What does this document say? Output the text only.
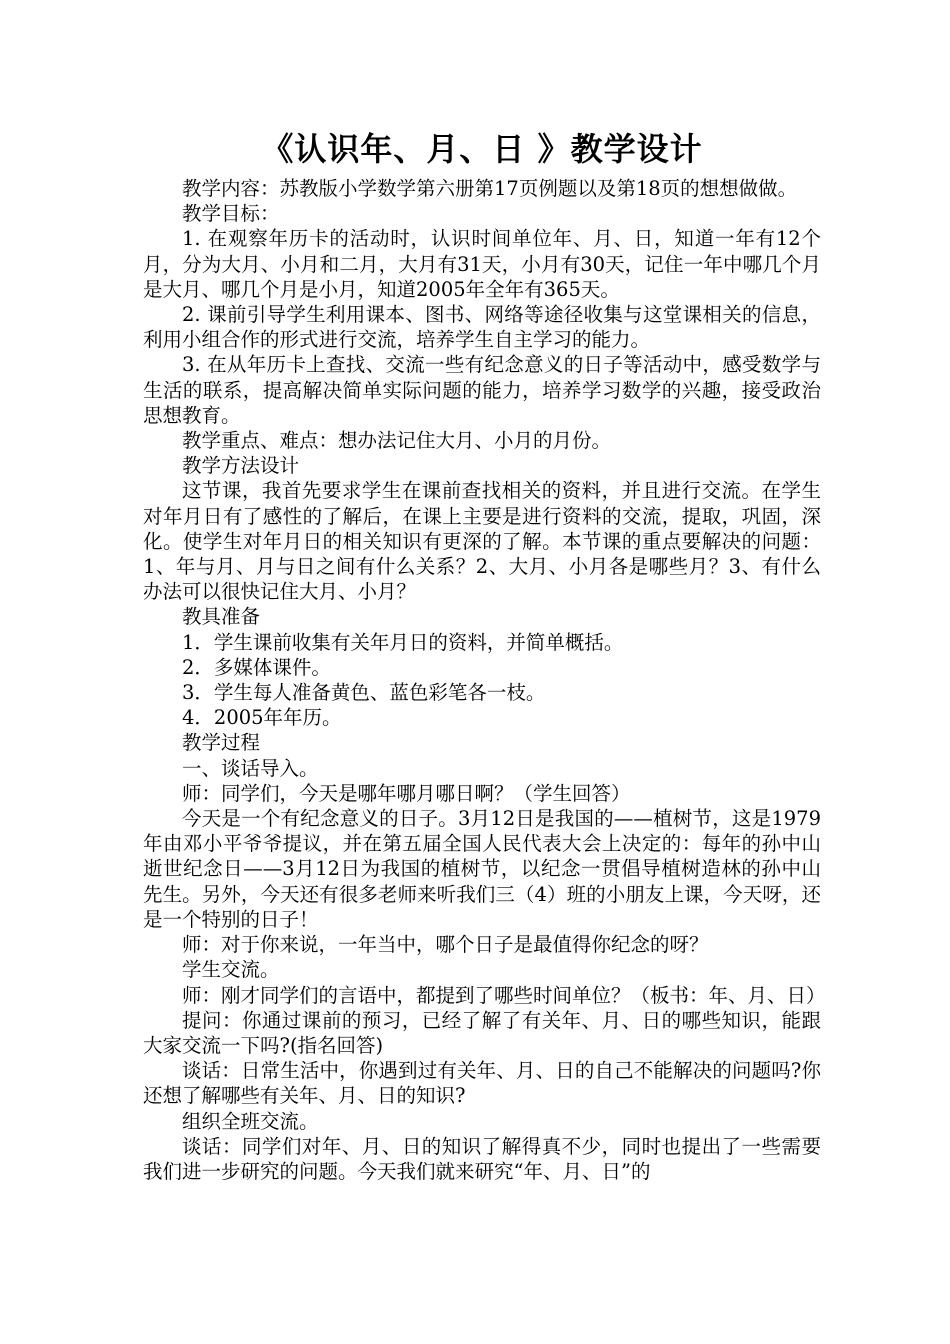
《认识年、月、日 》教学设计

教学内容：苏教版小学数学第六册第17页例题以及第18页的想想做做。

教学目标：

1. 在观察年历卡的活动时，认识时间单位年、月、日，知道一年有12个月，分为大月、小月和二月，大月有31天，小月有30天，记住一年中哪几个月是大月、哪几个月是小月，知道2005年全年有365天。

2. 课前引导学生利用课本、图书、网络等途径收集与这堂课相关的信息，利用小组合作的形式进行交流，培养学生自主学习的能力。

3. 在从年历卡上查找、交流一些有纪念意义的日子等活动中，感受数学与生活的联系，提高解决简单实际问题的能力，培养学习数学的兴趣，接受政治思想教育。

教学重点、难点：想办法记住大月、小月的月份。

教学方法设计

这节课，我首先要求学生在课前查找相关的资料，并且进行交流。在学生对年月日有了感性的了解后，在课上主要是进行资料的交流，提取，巩固，深化。使学生对年月日的相关知识有更深的了解。本节课的重点要解决的问题：1、年与月、月与日之间有什么关系？2、大月、小月各是哪些月？3、有什么办法可以很快记住大月、小月？

教具准备

1．学生课前收集有关年月日的资料，并简单概括。

2．多媒体课件。

3．学生每人准备黄色、蓝色彩笔各一枝。

4．2005年年历。

教学过程

一、谈话导入。

师：同学们，今天是哪年哪月哪日啊？（学生回答）

今天是一个有纪念意义的日子。3月12日是我国的——植树节，这是1979年由邓小平爷爷提议，并在第五届全国人民代表大会上决定的：每年的孙中山逝世纪念日——3月12日为我国的植树节，以纪念一贯倡导植树造林的孙中山先生。另外，今天还有很多老师来听我们三（4）班的小朋友上课，今天呀，还是一个特别的日子！

师：对于你来说，一年当中，哪个日子是最值得你纪念的呀？

学生交流。

师：刚才同学们的言语中，都提到了哪些时间单位？（板书：年、月、日）

提问：你通过课前的预习，已经了解了有关年、月、日的哪些知识，能跟大家交流一下吗?(指名回答)

谈话：日常生活中，你遇到过有关年、月、日的自己不能解决的问题吗?你还想了解哪些有关年、月、日的知识?

组织全班交流。

谈话：同学们对年、月、日的知识了解得真不少，同时也提出了一些需要我们进一步研究的问题。今天我们就来研究“年、月、日”的
